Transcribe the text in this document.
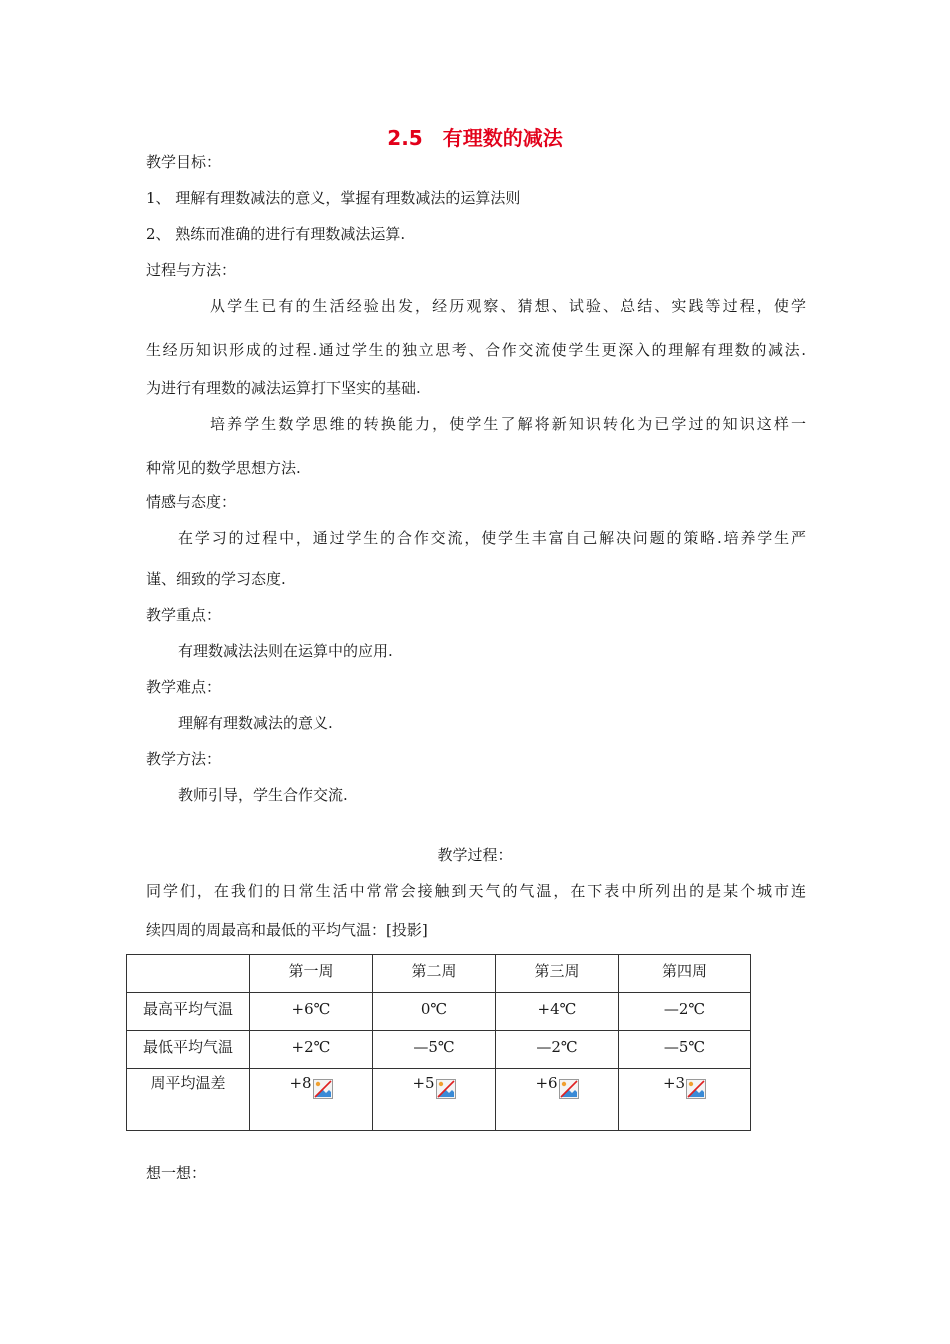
2.5　有理数的减法
教学目标：
1、 理解有理数减法的意义，掌握有理数减法的运算法则
2、 熟练而准确的进行有理数减法运算.
过程与方法：
从学生已有的生活经验出发，经历观察、猜想、试验、总结、实践等过程，使学
生经历知识形成的过程.通过学生的独立思考、合作交流使学生更深入的理解有理数的减法.
为进行有理数的减法运算打下坚实的基础.
培养学生数学思维的转换能力，使学生了解将新知识转化为已学过的知识这样一
种常见的数学思想方法.
情感与态度：
在学习的过程中，通过学生的合作交流，使学生丰富自己解决问题的策略.培养学生严
谨、细致的学习态度.
教学重点：
有理数减法法则在运算中的应用.
教学难点：
理解有理数减法的意义.
教学方法：
教师引导，学生合作交流.
教学过程：
同学们，在我们的日常生活中常常会接触到天气的气温，在下表中所列出的是某个城市连
续四周的周最高和最低的平均气温：[投影]
	第一周	第二周	第三周	第四周
最高平均气温	+6℃	0℃	+4℃	—2℃
最低平均气温	+2℃	—5℃	—2℃	—5℃
周平均温差	+8	+5	+6	+3
想一想：
